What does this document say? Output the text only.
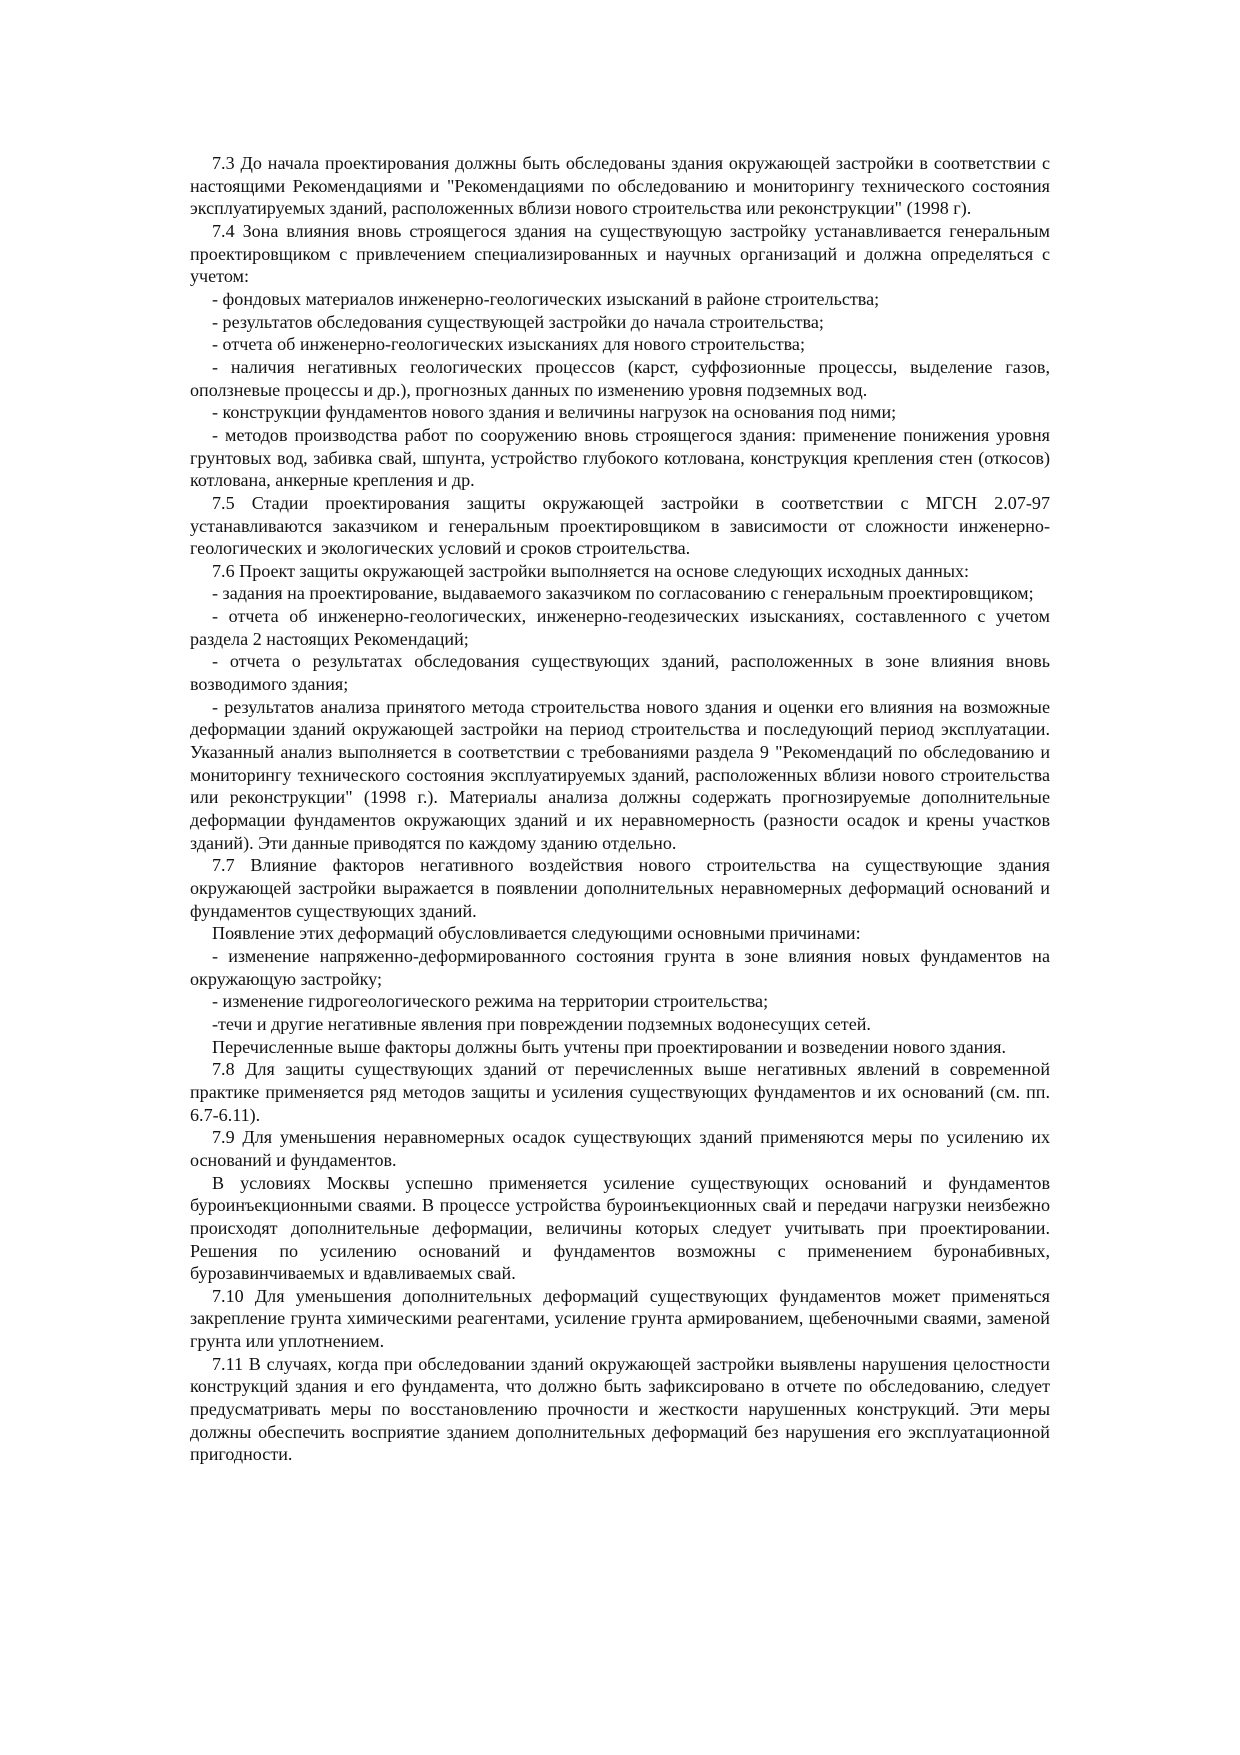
7.3 До начала проектирования должны быть обследованы здания окружающей застройки в соответствии с настоящими Рекомендациями и "Рекомендациями по обследованию и мониторингу технического состояния эксплуатируемых зданий, расположенных вблизи нового строительства или реконструкции" (1998 г).

7.4 Зона влияния вновь строящегося здания на существующую застройку устанавливается генеральным проектировщиком с привлечением специализированных и научных организаций и должна определяться с учетом:

- фондовых материалов инженерно-геологических изысканий в районе строительства;

- результатов обследования существующей застройки до начала строительства;

- отчета об инженерно-геологических изысканиях для нового строительства;

- наличия негативных геологических процессов (карст, суффозионные процессы, выделение газов, оползневые процессы и др.), прогнозных данных по изменению уровня подземных вод.

- конструкции фундаментов нового здания и величины нагрузок на основания под ними;

- методов производства работ по сооружению вновь строящегося здания: применение понижения уровня грунтовых вод, забивка свай, шпунта, устройство глубокого котлована, конструкция крепления стен (откосов) котлована, анкерные крепления и др.

7.5 Стадии проектирования защиты окружающей застройки в соответствии с МГСН 2.07-97 устанавливаются заказчиком и генеральным проектировщиком в зависимости от сложности инженерно-геологических и экологических условий и сроков строительства.

7.6 Проект защиты окружающей застройки выполняется на основе следующих исходных данных:

- задания на проектирование, выдаваемого заказчиком по согласованию с генеральным проектировщиком;

- отчета об инженерно-геологических, инженерно-геодезических изысканиях, составленного с учетом раздела 2 настоящих Рекомендаций;

- отчета о результатах обследования существующих зданий, расположенных в зоне влияния вновь возводимого здания;

- результатов анализа принятого метода строительства нового здания и оценки его влияния на возможные деформации зданий окружающей застройки на период строительства и последующий период эксплуатации. Указанный анализ выполняется в соответствии с требованиями раздела 9 "Рекомендаций по обследованию и мониторингу технического состояния эксплуатируемых зданий, расположенных вблизи нового строительства или реконструкции" (1998 г.). Материалы анализа должны содержать прогнозируемые дополнительные деформации фундаментов окружающих зданий и их неравномерность (разности осадок и крены участков зданий). Эти данные приводятся по каждому зданию отдельно.

7.7 Влияние факторов негативного воздействия нового строительства на существующие здания окружающей застройки выражается в появлении дополнительных неравномерных деформаций оснований и фундаментов существующих зданий.

Появление этих деформаций обусловливается следующими основными причинами:

- изменение напряженно-деформированного состояния грунта в зоне влияния новых фундаментов на окружающую застройку;

- изменение гидрогеологического режима на территории строительства;

-течи и другие негативные явления при повреждении подземных водонесущих сетей.

Перечисленные выше факторы должны быть учтены при проектировании и возведении нового здания.

7.8 Для защиты существующих зданий от перечисленных выше негативных явлений в современной практике применяется ряд методов защиты и усиления существующих фундаментов и их оснований (см. пп. 6.7-6.11).

7.9 Для уменьшения неравномерных осадок существующих зданий применяются меры по усилению их оснований и фундаментов.

В условиях Москвы успешно применяется усиление существующих оснований и фундаментов буроинъекционными сваями. В процессе устройства буроинъекционных свай и передачи нагрузки неизбежно происходят дополнительные деформации, величины которых следует учитывать при проектировании. Решения по усилению оснований и фундаментов возможны с применением буронабивных, бурозавинчиваемых и вдавливаемых свай.

7.10 Для уменьшения дополнительных деформаций существующих фундаментов может применяться закрепление грунта химическими реагентами, усиление грунта армированием, щебеночными сваями, заменой грунта или уплотнением.

7.11 В случаях, когда при обследовании зданий окружающей застройки выявлены нарушения целостности конструкций здания и его фундамента, что должно быть зафиксировано в отчете по обследованию, следует предусматривать меры по восстановлению прочности и жесткости нарушенных конструкций. Эти меры должны обеспечить восприятие зданием дополнительных деформаций без нарушения его эксплуатационной пригодности.
